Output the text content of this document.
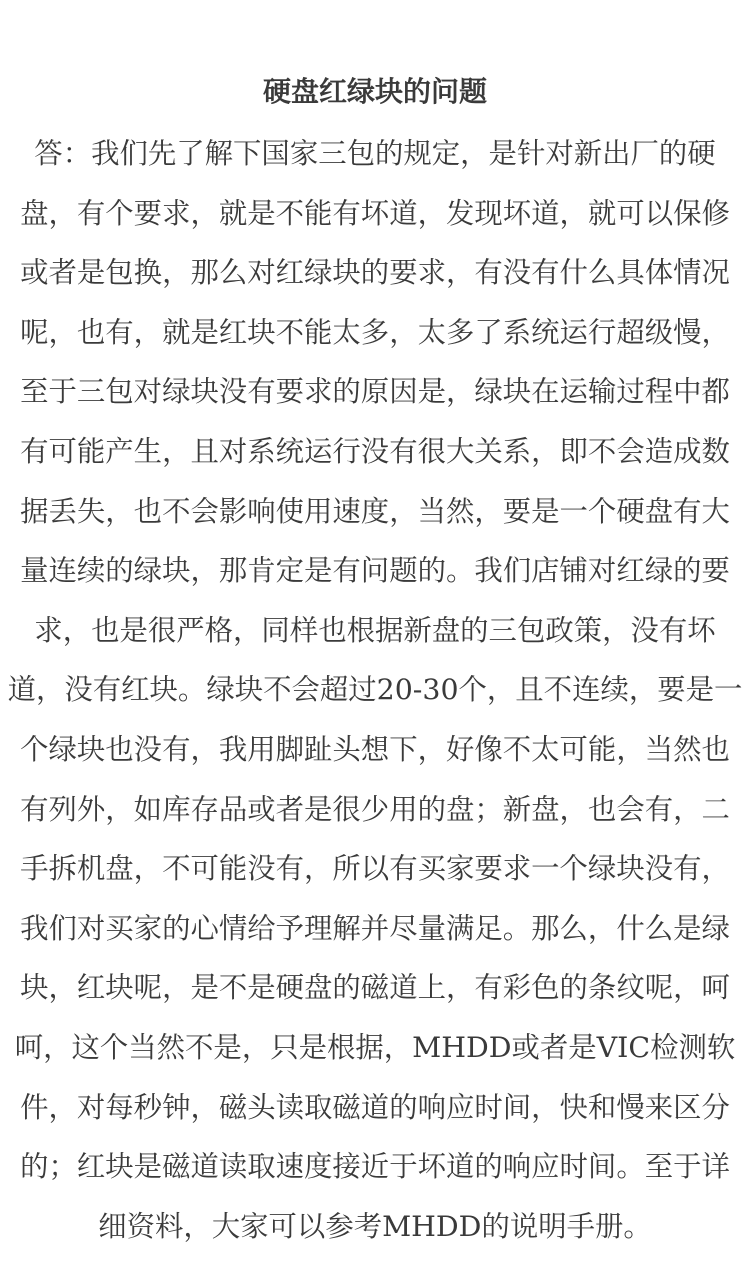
硬盘红绿块的问题
答：我们先了解下国家三包的规定，是针对新出厂的硬
盘，有个要求，就是不能有坏道，发现坏道，就可以保修
或者是包换，那么对红绿块的要求，有没有什么具体情况
呢，也有，就是红块不能太多，太多了系统运行超级慢，
至于三包对绿块没有要求的原因是，绿块在运输过程中都
有可能产生，且对系统运行没有很大关系，即不会造成数
据丢失，也不会影响使用速度，当然，要是一个硬盘有大
量连续的绿块，那肯定是有问题的。我们店铺对红绿的要
求，也是很严格，同样也根据新盘的三包政策，没有坏
道，没有红块。绿块不会超过20-30个，且不连续，要是一
个绿块也没有，我用脚趾头想下，好像不太可能，当然也
有列外，如库存品或者是很少用的盘；新盘，也会有，二
手拆机盘，不可能没有，所以有买家要求一个绿块没有，
我们对买家的心情给予理解并尽量满足。那么，什么是绿
块，红块呢，是不是硬盘的磁道上，有彩色的条纹呢，呵
呵，这个当然不是，只是根据，MHDD或者是VIC检测软
件，对每秒钟，磁头读取磁道的响应时间，快和慢来区分
的；红块是磁道读取速度接近于坏道的响应时间。至于详
细资料，大家可以参考MHDD的说明手册。
